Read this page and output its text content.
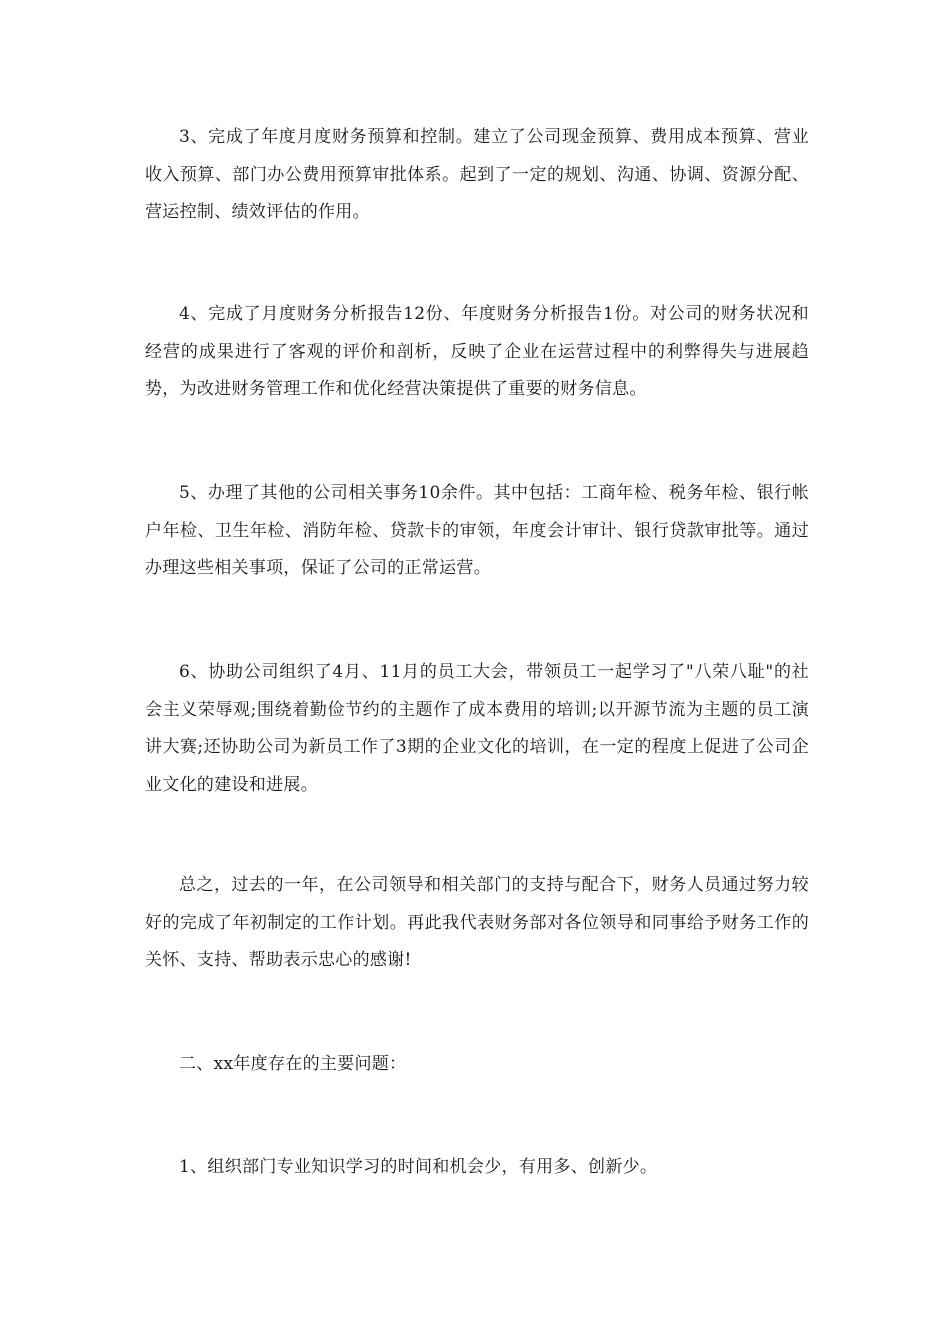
3、完成了年度月度财务预算和控制。建立了公司现金预算、费用成本预算、营业收入预算、部门办公费用预算审批体系。起到了一定的规划、沟通、协调、资源分配、营运控制、绩效评估的作用。

4、完成了月度财务分析报告12份、年度财务分析报告1份。对公司的财务状况和经营的成果进行了客观的评价和剖析，反映了企业在运营过程中的利弊得失与进展趋势，为改进财务管理工作和优化经营决策提供了重要的财务信息。

5、办理了其他的公司相关事务10余件。其中包括：工商年检、税务年检、银行帐户年检、卫生年检、消防年检、贷款卡的审领，年度会计审计、银行贷款审批等。通过办理这些相关事项，保证了公司的正常运营。

6、协助公司组织了4月、11月的员工大会，带领员工一起学习了"八荣八耻"的社会主义荣辱观;围绕着勤俭节约的主题作了成本费用的培训;以开源节流为主题的员工演讲大赛;还协助公司为新员工作了3期的企业文化的培训，在一定的程度上促进了公司企业文化的建设和进展。

总之，过去的一年，在公司领导和相关部门的支持与配合下，财务人员通过努力较好的完成了年初制定的工作计划。再此我代表财务部对各位领导和同事给予财务工作的关怀、支持、帮助表示忠心的感谢!

二、xx年度存在的主要问题：

1、组织部门专业知识学习的时间和机会少，有用多、创新少。
